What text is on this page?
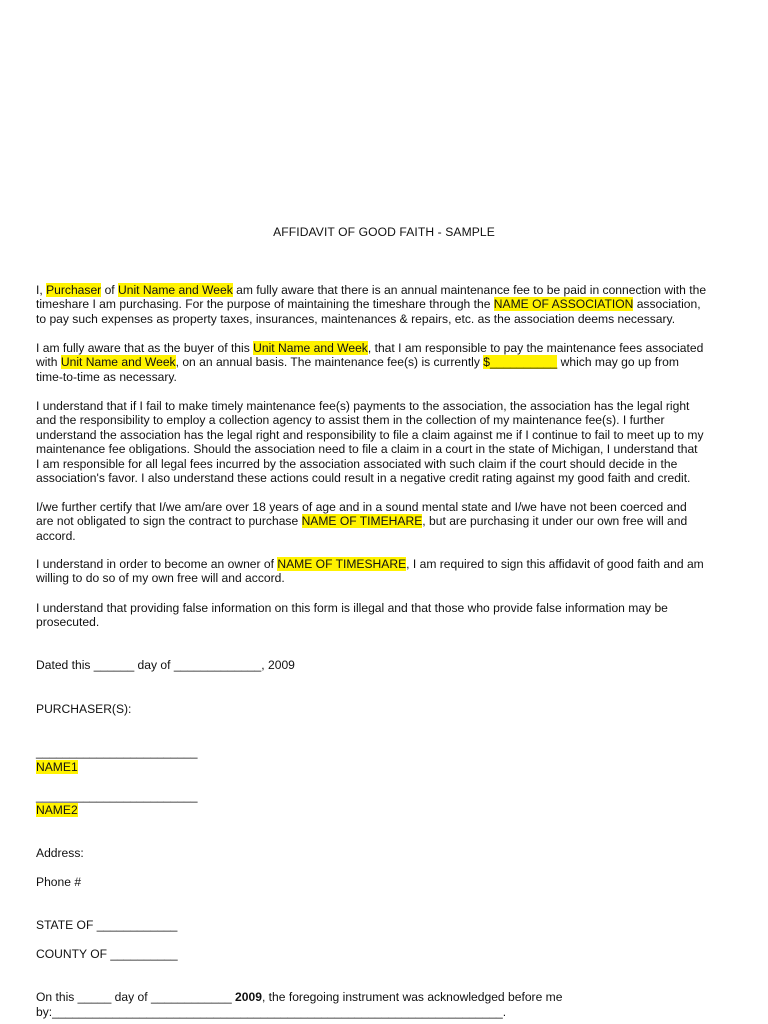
AFFIDAVIT OF GOOD FAITH - SAMPLE
I, Purchaser of Unit Name and Week am fully aware that there is an annual maintenance fee to be paid in connection with the
timeshare I am purchasing. For the purpose of maintaining the timeshare through the NAME OF ASSOCIATION association,
to pay such expenses as property taxes, insurances, maintenances & repairs, etc. as the association deems necessary.
I am fully aware that as the buyer of this Unit Name and Week, that I am responsible to pay the maintenance fees associated
with Unit Name and Week, on an annual basis. The maintenance fee(s) is currently $__________ which may go up from
time-to-time as necessary.
I understand that if I fail to make timely maintenance fee(s) payments to the association, the association has the legal right
and the responsibility to employ a collection agency to assist them in the collection of my maintenance fee(s). I further
understand the association has the legal right and responsibility to file a claim against me if I continue to fail to meet up to my
maintenance fee obligations. Should the association need to file a claim in a court in the state of Michigan, I understand that
I am responsible for all legal fees incurred by the association associated with such claim if the court should decide in the
association's favor. I also understand these actions could result in a negative credit rating against my good faith and credit.
I/we further certify that I/we am/are over 18 years of age and in a sound mental state and I/we have not been coerced and
are not obligated to sign the contract to purchase NAME OF TIMEHARE, but are purchasing it under our own free will and
accord.
I understand in order to become an owner of NAME OF TIMESHARE, I am required to sign this affidavit of good faith and am
willing to do so of my own free will and accord.
I understand that providing false information on this form is illegal and that those who provide false information may be
prosecuted.
Dated this ______ day of _____________, 2009
PURCHASER(S):
________________________
NAME1
________________________
NAME2
Address:
Phone #
STATE OF ____________
COUNTY OF __________
On this _____ day of ____________ 2009, the foregoing instrument was acknowledged before me
by:___________________________________________________________________.
